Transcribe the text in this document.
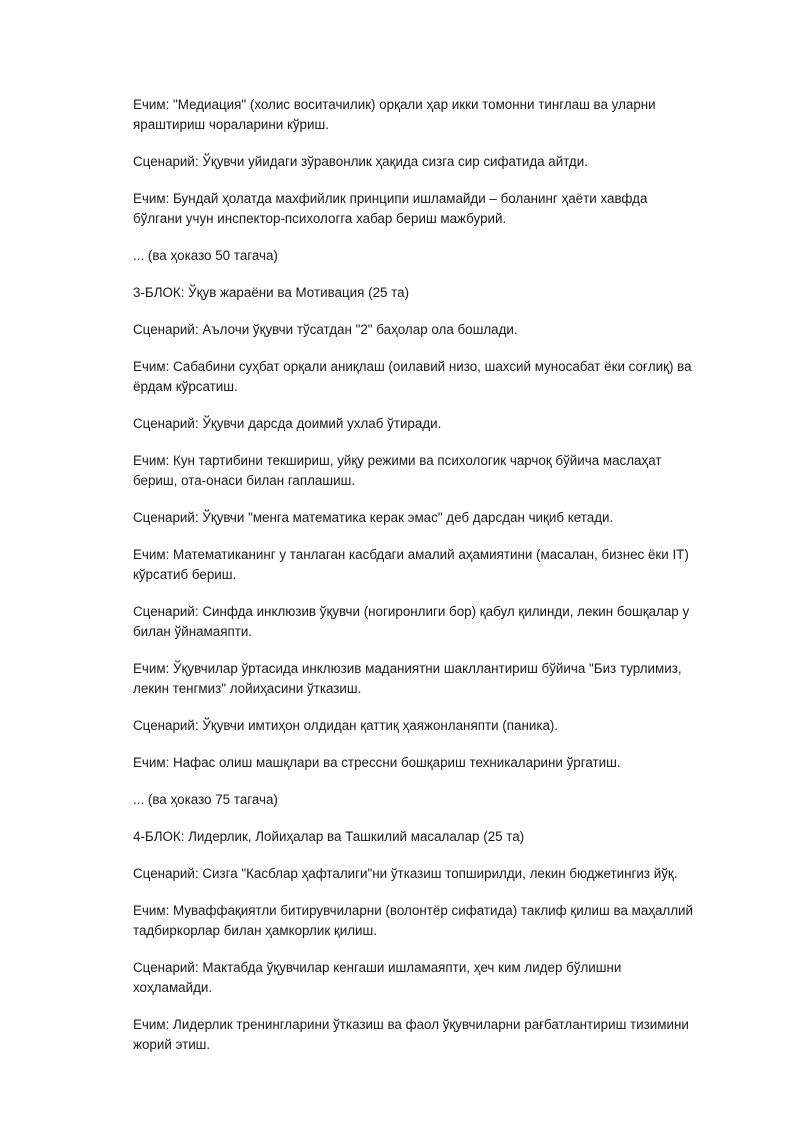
Ечим: "Медиация" (холис воситачилик) орқали ҳар икки томонни тинглаш ва уларни яраштириш чораларини кўриш.

Сценарий: Ўқувчи уйидаги зўравонлик ҳақида сизга сир сифатида айтди.

Ечим: Бундай ҳолатда махфийлик принципи ишламайди – боланинг ҳаёти хавфда бўлгани учун инспектор-психологга хабар бериш мажбурий.

... (ва ҳоказо 50 тагача)

3-БЛОК: Ўқув жараёни ва Мотивация (25 та)

Сценарий: Аълочи ўқувчи тўсатдан "2" баҳолар ола бошлади.

Ечим: Сабабини суҳбат орқали аниқлаш (оилавий низо, шахсий муносабат ёки соғлиқ) ва ёрдам кўрсатиш.

Сценарий: Ўқувчи дарсда доимий ухлаб ўтиради.

Ечим: Кун тартибини текшириш, уйқу режими ва психологик чарчоқ бўйича маслаҳат бериш, ота-онаси билан гаплашиш.

Сценарий: Ўқувчи "менга математика керак эмас" деб дарсдан чиқиб кетади.

Ечим: Математиканинг у танлаган касбдаги амалий аҳамиятини (масалан, бизнес ёки IT) кўрсатиб бериш.

Сценарий: Синфда инклюзив ўқувчи (ногиронлиги бор) қабул қилинди, лекин бошқалар у билан ўйнамаяпти.

Ечим: Ўқувчилар ўртасида инклюзив маданиятни шакллантириш бўйича "Биз турлимиз, лекин тенгмиз" лойиҳасини ўтказиш.

Сценарий: Ўқувчи имтиҳон олдидан қаттиқ ҳаяжонланяпти (паника).

Ечим: Нафас олиш машқлари ва стрессни бошқариш техникаларини ўргатиш.

... (ва ҳоказо 75 тагача)

4-БЛОК: Лидерлик, Лойиҳалар ва Ташкилий масалалар (25 та)

Сценарий: Сизга "Касблар ҳафталиги"ни ўтказиш топширилди, лекин бюджетингиз йўқ.

Ечим: Муваффақиятли битирувчиларни (волонтёр сифатида) таклиф қилиш ва маҳаллий тадбиркорлар билан ҳамкорлик қилиш.

Сценарий: Мактабда ўқувчилар кенгаши ишламаяпти, ҳеч ким лидер бўлишни хоҳламайди.

Ечим: Лидерлик тренингларини ўтказиш ва фаол ўқувчиларни рағбатлантириш тизимини жорий этиш.
